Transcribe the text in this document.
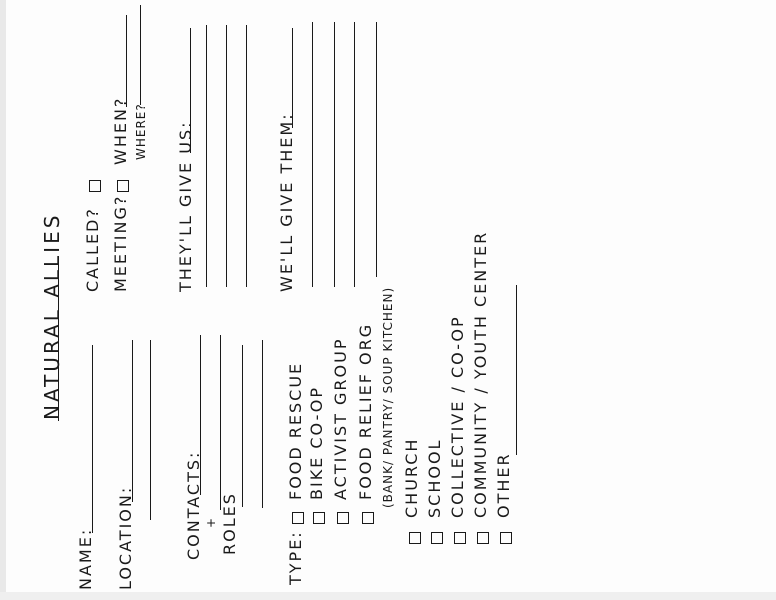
NATURAL ALLIES
NAME: LOCATION:	CONTACTS: + ROLES
TYPE:
FOOD RESCUE BIKE CO-OP ACTIVIST GROUP FOOD RELIEF ORG (BANK/ PANTRY/ SOUP KITCHEN) CHURCH SCHOOL COLLECTIVE / CO-OP COMMUNITY / YOUTH CENTER OTHER
CALLED? MEETING?
WHEN? WHERE? THEY'LL GIVE US:	WE'LL GIVE THEM:
